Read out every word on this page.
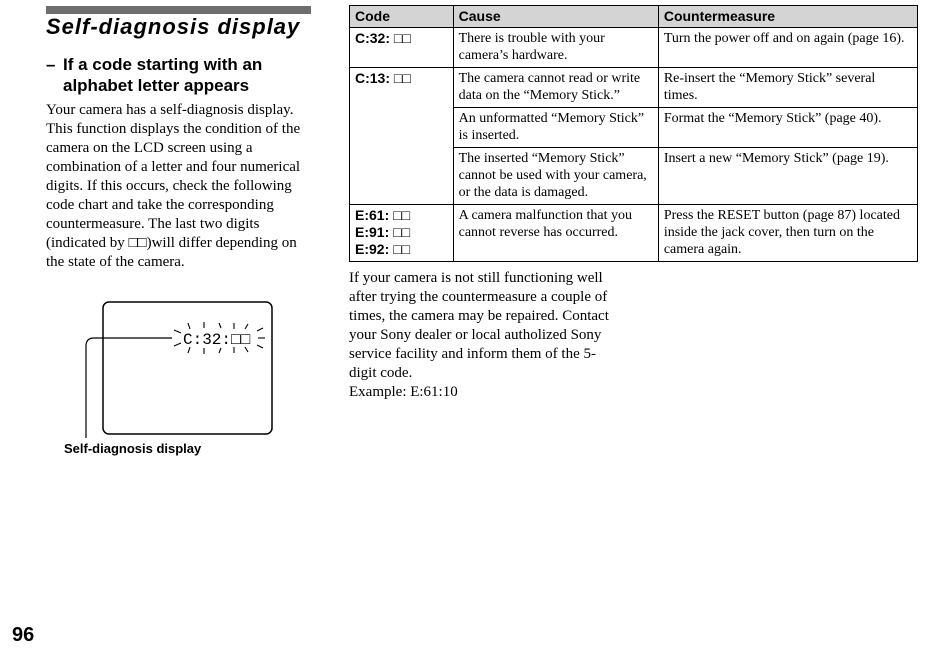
Self-diagnosis display
– If a code starting with an alphabet letter appears

Your camera has a self-diagnosis display. This function displays the condition of the camera on the LCD screen using a combination of a letter and four numerical digits. If this occurs, check the following code chart and take the corresponding countermeasure. The last two digits (indicated by □□)will differ depending on the state of the camera.

C:32:□□
Self-diagnosis display
Code	Cause	Countermeasure

C:32: □□	There is trouble with your camera’s hardware.	Turn the power off and on again (page 16).

C:13: □□	The camera cannot read or write data on the “Memory Stick.”	Re-insert the “Memory Stick” several times.
	An unformatted “Memory Stick” is inserted.	Format the “Memory Stick” (page 40).
	The inserted “Memory Stick” cannot be used with your camera, or the data is damaged.	Insert a new “Memory Stick” (page 19).

E:61: □□
E:91: □□
E:92: □□	A camera malfunction that you cannot reverse has occurred.	Press the RESET button (page 87) located inside the jack cover, then turn on the camera again.
If your camera is not still functioning well after trying the countermeasure a couple of times, the camera may be repaired. Contact your Sony dealer or local autholized Sony service facility and inform them of the 5-digit code.
Example: E:61:10
96
